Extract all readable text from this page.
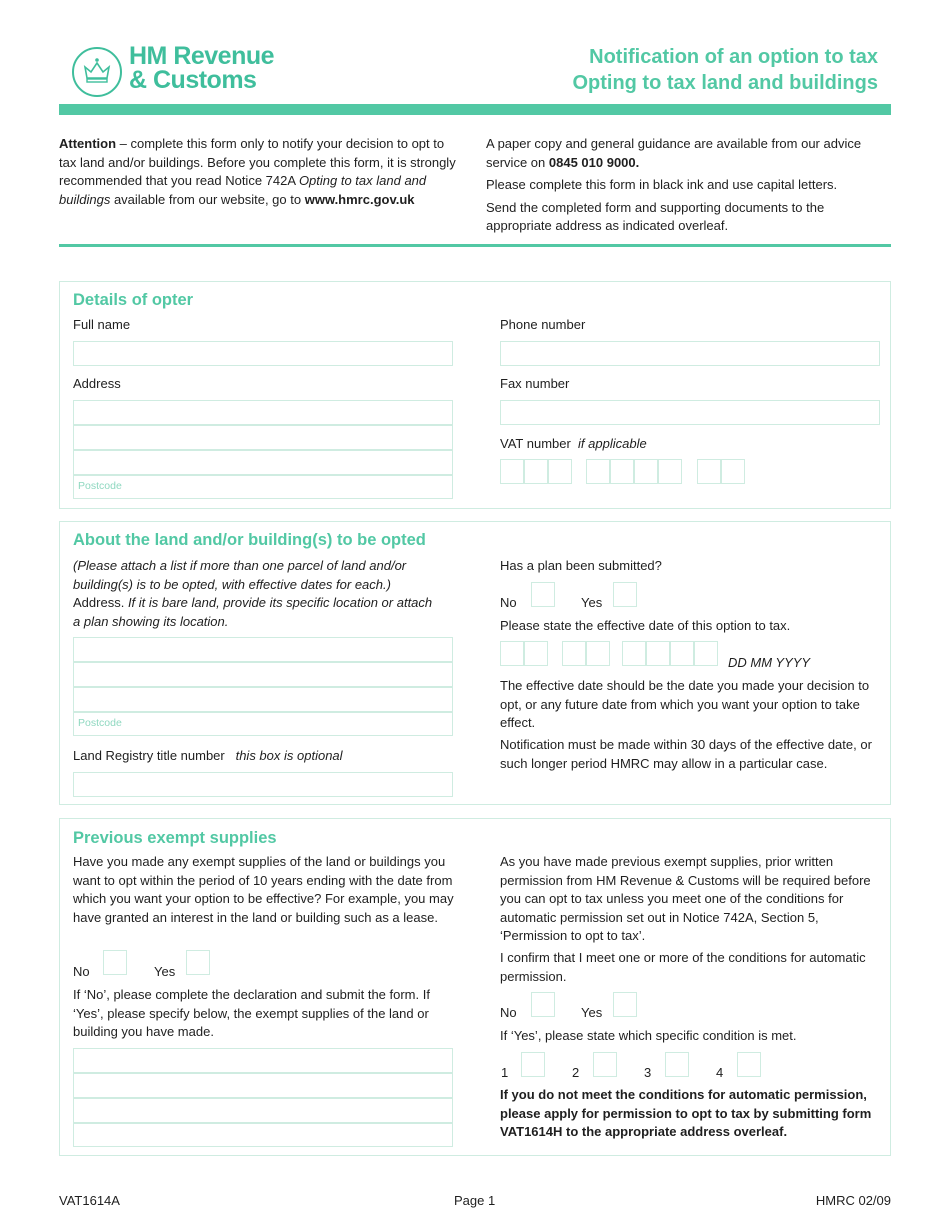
HM Revenue
& Customs
Notification of an option to tax
Opting to tax land and buildings
Attention – complete this form only to notify your decision to opt to tax land and/or buildings. Before you complete this form, it is strongly recommended that you read Notice 742A Opting to tax land and buildings available from our website, go to www.hmrc.gov.uk
A paper copy and general guidance are available from our advice service on 0845 010 9000.
Please complete this form in black ink and use capital letters.
Send the completed form and supporting documents to the appropriate address as indicated overleaf.
Details of opter
Full name
Address
Postcode
Phone number
Fax number
VAT number if applicable
About the land and/or building(s) to be opted
(Please attach a list if more than one parcel of land and/or building(s) is to be opted, with effective dates for each.) Address. If it is bare land, provide its specific location or attach a plan showing its location.
Postcode
Land Registry title number this box is optional
Has a plan been submitted?
No	Yes
Please state the effective date of this option to tax.
DD MM YYYY
The effective date should be the date you made your decision to opt, or any future date from which you want your option to take effect.
Notification must be made within 30 days of the effective date, or such longer period HMRC may allow in a particular case.
Previous exempt supplies
Have you made any exempt supplies of the land or buildings you want to opt within the period of 10 years ending with the date from which you want your option to be effective? For example, you may have granted an interest in the land or building such as a lease.
No	Yes
If ‘No’, please complete the declaration and submit the form. If ‘Yes’, please specify below, the exempt supplies of the land or building you have made.
As you have made previous exempt supplies, prior written permission from HM Revenue & Customs will be required before you can opt to tax unless you meet one of the conditions for automatic permission set out in Notice 742A, Section 5, ‘Permission to opt to tax’.
I confirm that I meet one or more of the conditions for automatic permission.
No	Yes
If ‘Yes’, please state which specific condition is met.
1	2	3	4
If you do not meet the conditions for automatic permission, please apply for permission to opt to tax by submitting form VAT1614H to the appropriate address overleaf.
VAT1614A	Page 1	HMRC 02/09
